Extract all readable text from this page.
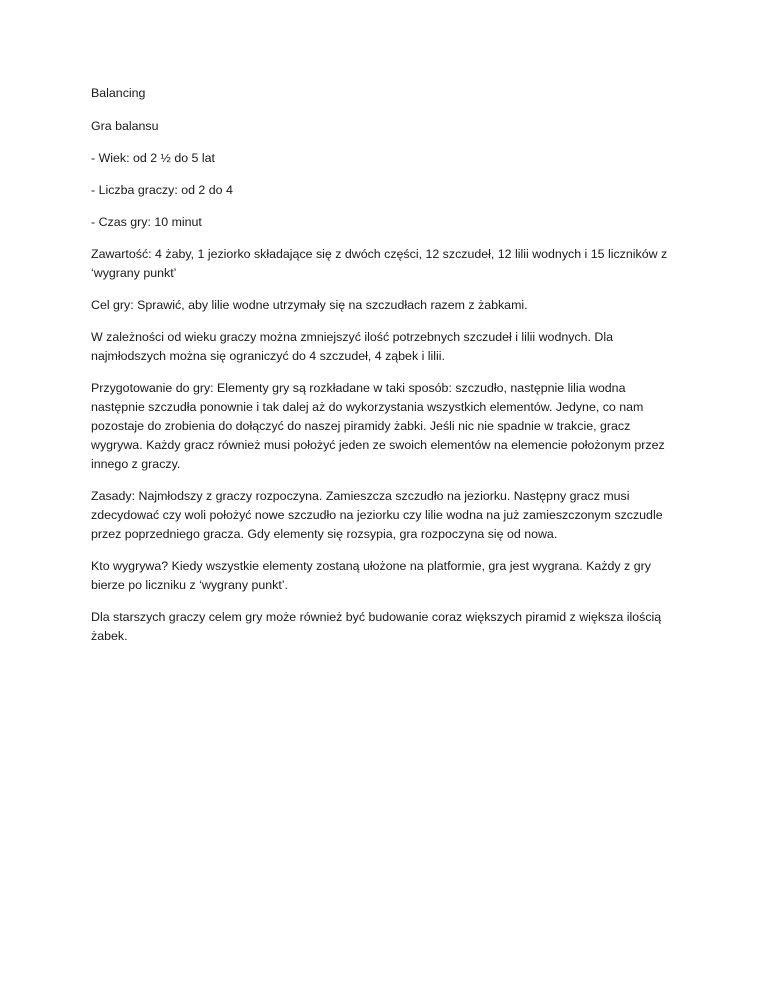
Balancing

Gra balansu

- Wiek: od 2 ½ do 5 lat

- Liczba graczy: od 2 do 4

- Czas gry: 10 minut

Zawartość: 4 żaby, 1 jeziorko składające się z dwóch części, 12 szczudeł, 12 lilii wodnych i 15 liczników z ‘wygrany punkt’

Cel gry: Sprawić, aby lilie wodne utrzymały się na szczudłach razem z żabkami.

W zależności od wieku graczy można zmniejszyć ilość potrzebnych szczudeł i lilii wodnych. Dla najmłodszych można się ograniczyć do 4 szczudeł, 4 ząbek i lilii.

Przygotowanie do gry: Elementy gry są rozkładane w taki sposób: szczudło, następnie lilia wodna następnie szczudła ponownie i tak dalej aż do wykorzystania wszystkich elementów. Jedyne, co nam pozostaje do zrobienia do dołączyć do naszej piramidy żabki. Jeśli nic nie spadnie w trakcie, gracz wygrywa. Każdy gracz również musi położyć jeden ze swoich elementów na elemencie położonym przez innego z graczy.

Zasady: Najmłodszy z graczy rozpoczyna. Zamieszcza szczudło na jeziorku. Następny gracz musi zdecydować czy woli położyć nowe szczudło na jeziorku czy lilie wodna na już zamieszczonym szczudle przez poprzedniego gracza. Gdy elementy się rozsypia, gra rozpoczyna się od nowa.

Kto wygrywa? Kiedy wszystkie elementy zostaną ułożone na platformie, gra jest wygrana. Każdy z gry bierze po liczniku z ‘wygrany punkt’.

Dla starszych graczy celem gry może również być budowanie coraz większych piramid z większa ilością żabek.
